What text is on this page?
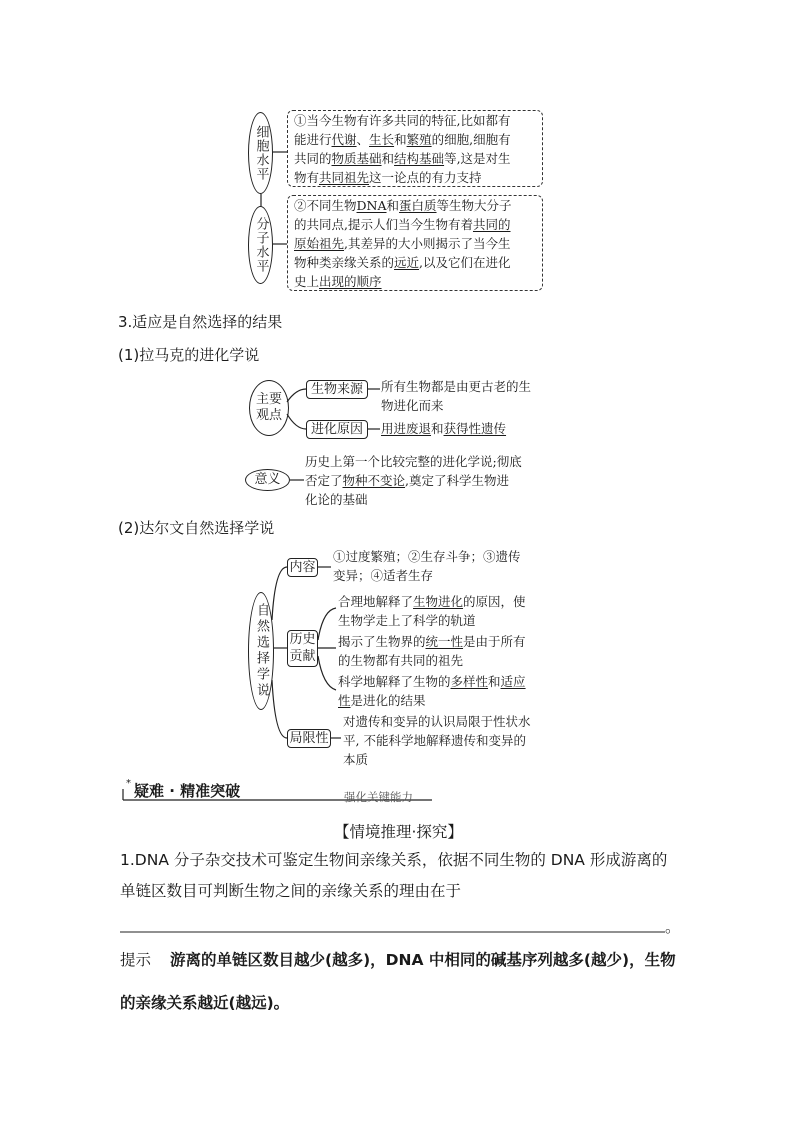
细胞水平
分子水平
①当今生物有许多共同的特征,比如都有
能进行代谢、生长和繁殖的细胞,细胞有
共同的物质基础和结构基础等,这是对生
物有共同祖先这一论点的有力支持
②不同生物DNA和蛋白质等生物大分子
的共同点,提示人们当今生物有着共同的
原始祖先,其差异的大小则揭示了当今生
物种类亲缘关系的远近,以及它们在进化
史上出现的顺序
3.适应是自然选择的结果
(1)拉马克的进化学说
主要观点
生物来源	所有生物都是由更古老的生
物进化而来
进化原因	用进废退和获得性遗传
意义
历史上第一个比较完整的进化学说;彻底
否定了物种不变论,奠定了科学生物进
化论的基础
(2)达尔文自然选择学说
自然选择学说
内容
①过度繁殖；②生存斗争；③遗传
变异；④适者生存
历史贡献
合理地解释了生物进化的原因，使
生物学走上了科学的轨道
揭示了生物界的统一性是由于所有
的生物都有共同的祖先
科学地解释了生物的多样性和适应
性是进化的结果
局限性
对遗传和变异的认识局限于性状水
平, 不能科学地解释遗传和变异的
本质
* 疑难 · 精准突破	强化关键能力
【情境推理·探究】
1.DNA 分子杂交技术可鉴定生物间亲缘关系，依据不同生物的 DNA 形成游离的
单链区数目可判断生物之间的亲缘关系的理由在于
。
提示 游离的单链区数目越少(越多)，DNA 中相同的碱基序列越多(越少)，生物
的亲缘关系越近(越远)。
